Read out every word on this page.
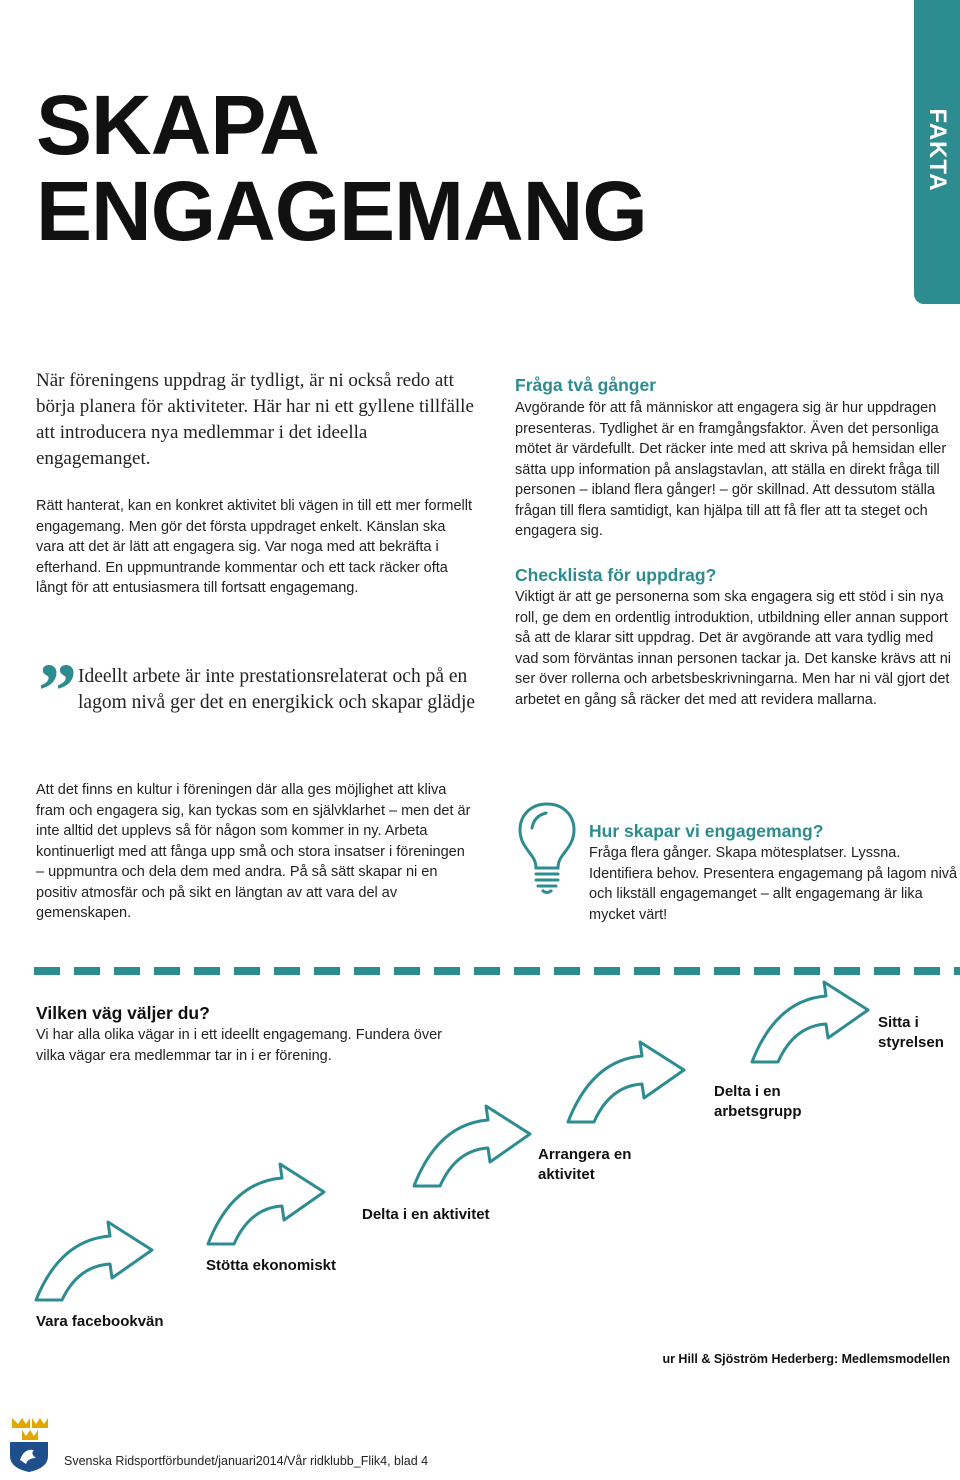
SKAPA
ENGAGEMANG
FAKTA
När föreningens uppdrag är tydligt, är ni också redo att börja planera för aktiviteter. Här har ni ett gyllene tillfälle att introducera nya medlemmar i det ideella engagemanget.
Rätt hanterat, kan en konkret aktivitet bli vägen in till ett mer formellt engagemang. Men gör det första uppdraget enkelt. Känslan ska vara att det är lätt att engagera sig. Var noga med att bekräfta i efterhand. En uppmuntrande kommentar och ett tack räcker ofta långt för att entusiasmera till fortsatt engagemang.
” Ideellt arbete är inte prestationsrelaterat och på en lagom nivå ger det en energikick och skapar glädje
Fråga två gånger
Avgörande för att få människor att engagera sig är hur uppdragen presenteras. Tydlighet är en framgångsfaktor. Även det personliga mötet är värdefullt. Det räcker inte med att skriva på hemsidan eller sätta upp information på anslagstavlan, att ställa en direkt fråga till personen – ibland flera gånger! – gör skillnad. Att dessutom ställa frågan till flera samtidigt, kan hjälpa till att få fler att ta steget och engagera sig.
Checklista för uppdrag?
Viktigt är att ge personerna som ska engagera sig ett stöd i sin nya roll, ge dem en ordentlig introduktion, utbildning eller annan support så att de klarar sitt uppdrag. Det är avgörande att vara tydlig med vad som förväntas innan personen tackar ja. Det kanske krävs att ni ser över rollerna och arbetsbeskrivningarna. Men har ni väl gjort det arbetet en gång så räcker det med att revidera mallarna.
Att det finns en kultur i föreningen där alla ges möjlighet att kliva fram och engagera sig, kan tyckas som en självklarhet – men det är inte alltid det upplevs så för någon som kommer in ny. Arbeta kontinuerligt med att fånga upp små och stora insatser i föreningen – uppmuntra och dela dem med andra. På så sätt skapar ni en positiv atmosfär och på sikt en längtan av att vara del av gemenskapen.
Hur skapar vi engagemang?
Fråga flera gånger. Skapa mötesplatser. Lyssna. Identifiera behov. Presentera engagemang på lagom nivå och likställ engagemanget – allt engagemang är lika mycket värt!
Vilken väg väljer du?
Vi har alla olika vägar in i ett ideellt engagemang. Fundera över vilka vägar era medlemmar tar in i er förening.
Vara facebookvän
Stötta ekonomiskt
Delta i en aktivitet
Arrangera en aktivitet
Delta i en arbetsgrupp
Sitta i styrelsen
ur Hill & Sjöström Hederberg: Medlemsmodellen
Svenska Ridsportförbundet/januari2014/Vår ridklubb_Flik4, blad 4
